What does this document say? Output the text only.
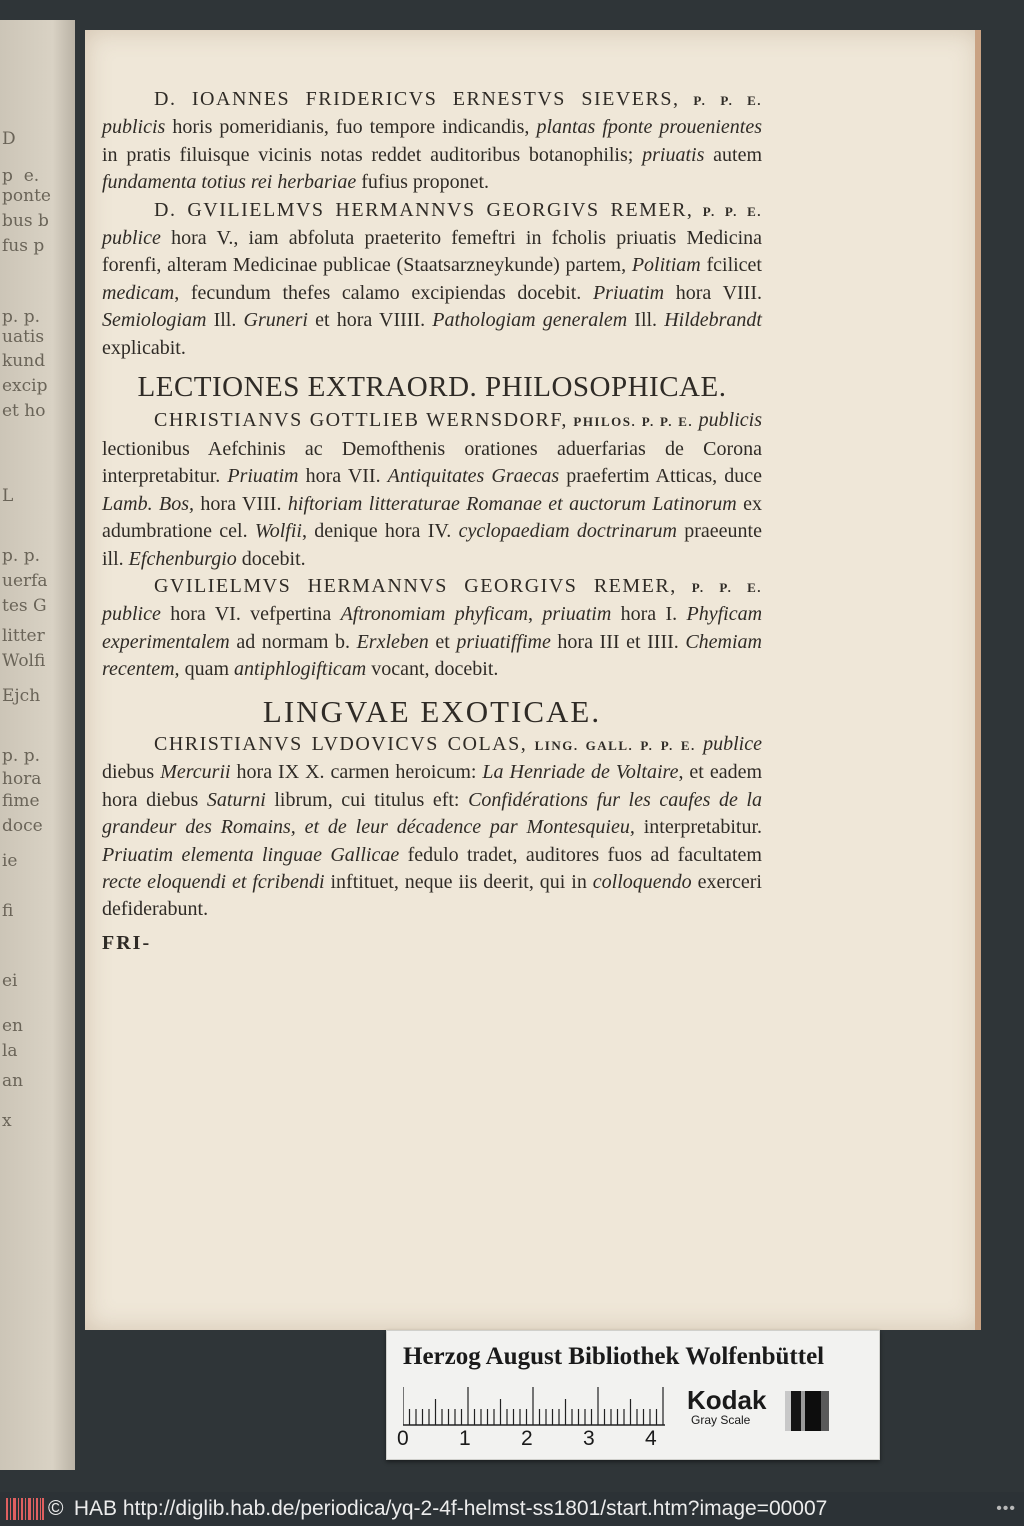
D
p  e.
ponte
bus b
fus p
p. p.
uatis
kund
excip
et ho
L
p. p.
uerfa
tes G
litter
Wolfi
Ejch
p. p.
hora
fime
doce
ie
fi
ei
en
la
an
x

D. IOANNES FRIDERICVS ERNESTVS SIEVERS, P. P. E. publicis horis pomeridianis, fuo tempore indicandis, plantas fponte prouenientes in pratis filuisque vicinis notas reddet auditoribus botanophilis; priuatis autem fundamenta totius rei herbariae fufius proponet.

D. GVILIELMVS HERMANNVS GEORGIVS REMER, P. P. E. publice hora V., iam abfoluta praeterito femeftri in fcholis priuatis Medicina forenfi, alteram Medicinae publicae (Staatsarzneykunde) partem, Politiam fcilicet medicam, fecundum thefes calamo excipiendas docebit. Priuatim hora VIII. Semiologiam Ill. Gruneri et hora VIIII. Pathologiam generalem Ill. Hildebrandt explicabit.

LECTIONES EXTRAORD. PHILOSOPHICAE.

CHRISTIANVS GOTTLIEB WERNSDORF, PHILOS. P. P. E. publicis lectionibus Aefchinis ac Demofthenis orationes aduerfarias de Corona interpretabitur. Priuatim hora VII. Antiquitates Graecas praefertim Atticas, duce Lamb. Bos, hora VIII. hiftoriam litteraturae Romanae et auctorum Latinorum ex adumbratione cel. Wolfii, denique hora IV. cyclopaediam doctrinarum praeeunte ill. Efchenburgio docebit.

GVILIELMVS HERMANNVS GEORGIVS REMER, P. P. E. publice hora VI. vefpertina Aftronomiam phyficam, priuatim hora I. Phyficam experimentalem ad normam b. Erxleben et priuatiffime hora III et IIII. Chemiam recentem, quam antiphlogifticam vocant, docebit.

LINGVAE EXOTICAE.

CHRISTIANVS LVDOVICVS COLAS, LING. GALL. P. P. E. publice diebus Mercurii hora IX X. carmen heroicum: La Henriade de Voltaire, et eadem hora diebus Saturni librum, cui titulus eft: Confidérations fur les caufes de la grandeur des Romains, et de leur décadence par Montesquieu, interpretabitur. Priuatim elementa linguae Gallicae fedulo tradet, auditores fuos ad facultatem recte eloquendi et fcribendi inftituet, neque iis deerit, qui in colloquendo exerceri defiderabunt.

FRI-

Herzog August Bibliothek Wolfenbüttel
0 1 2 3 4
Kodak
Gray Scale
© HAB http://diglib.hab.de/periodica/yq-2-4f-helmst-ss1801/start.htm?image=00007	•••
